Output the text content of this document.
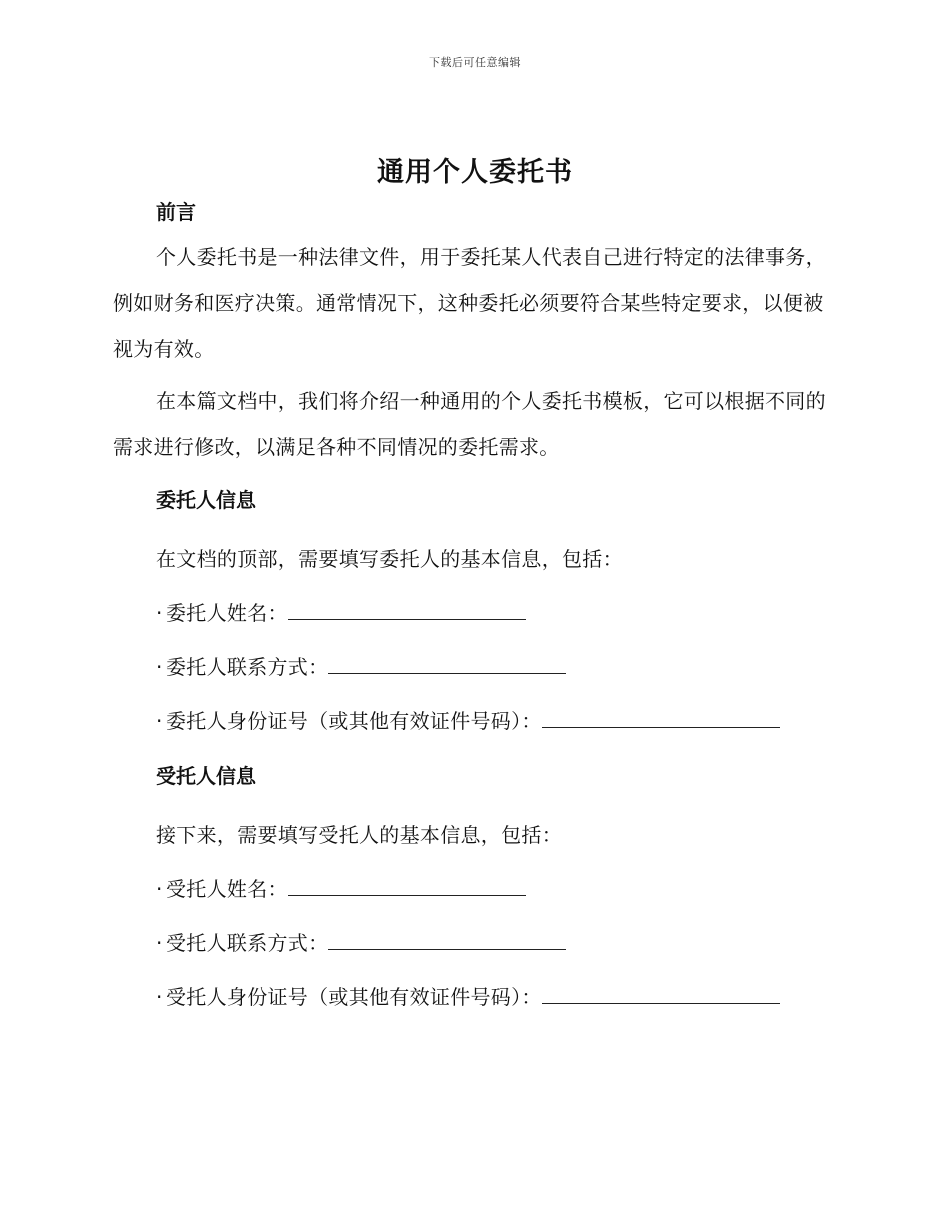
下载后可任意编辑
通用个人委托书
前言

个人委托书是一种法律文件，用于委托某人代表自己进行特定的法律事务，例如财务和医疗决策。通常情况下，这种委托必须要符合某些特定要求，以便被视为有效。

在本篇文档中，我们将介绍一种通用的个人委托书模板，它可以根据不同的需求进行修改，以满足各种不同情况的委托需求。

委托人信息
在文档的顶部，需要填写委托人的基本信息，包括：
· 委托人姓名：
· 委托人联系方式：
· 委托人身份证号（或其他有效证件号码）：
受托人信息
接下来，需要填写受托人的基本信息，包括：
· 受托人姓名：
· 受托人联系方式：
· 受托人身份证号（或其他有效证件号码）：
